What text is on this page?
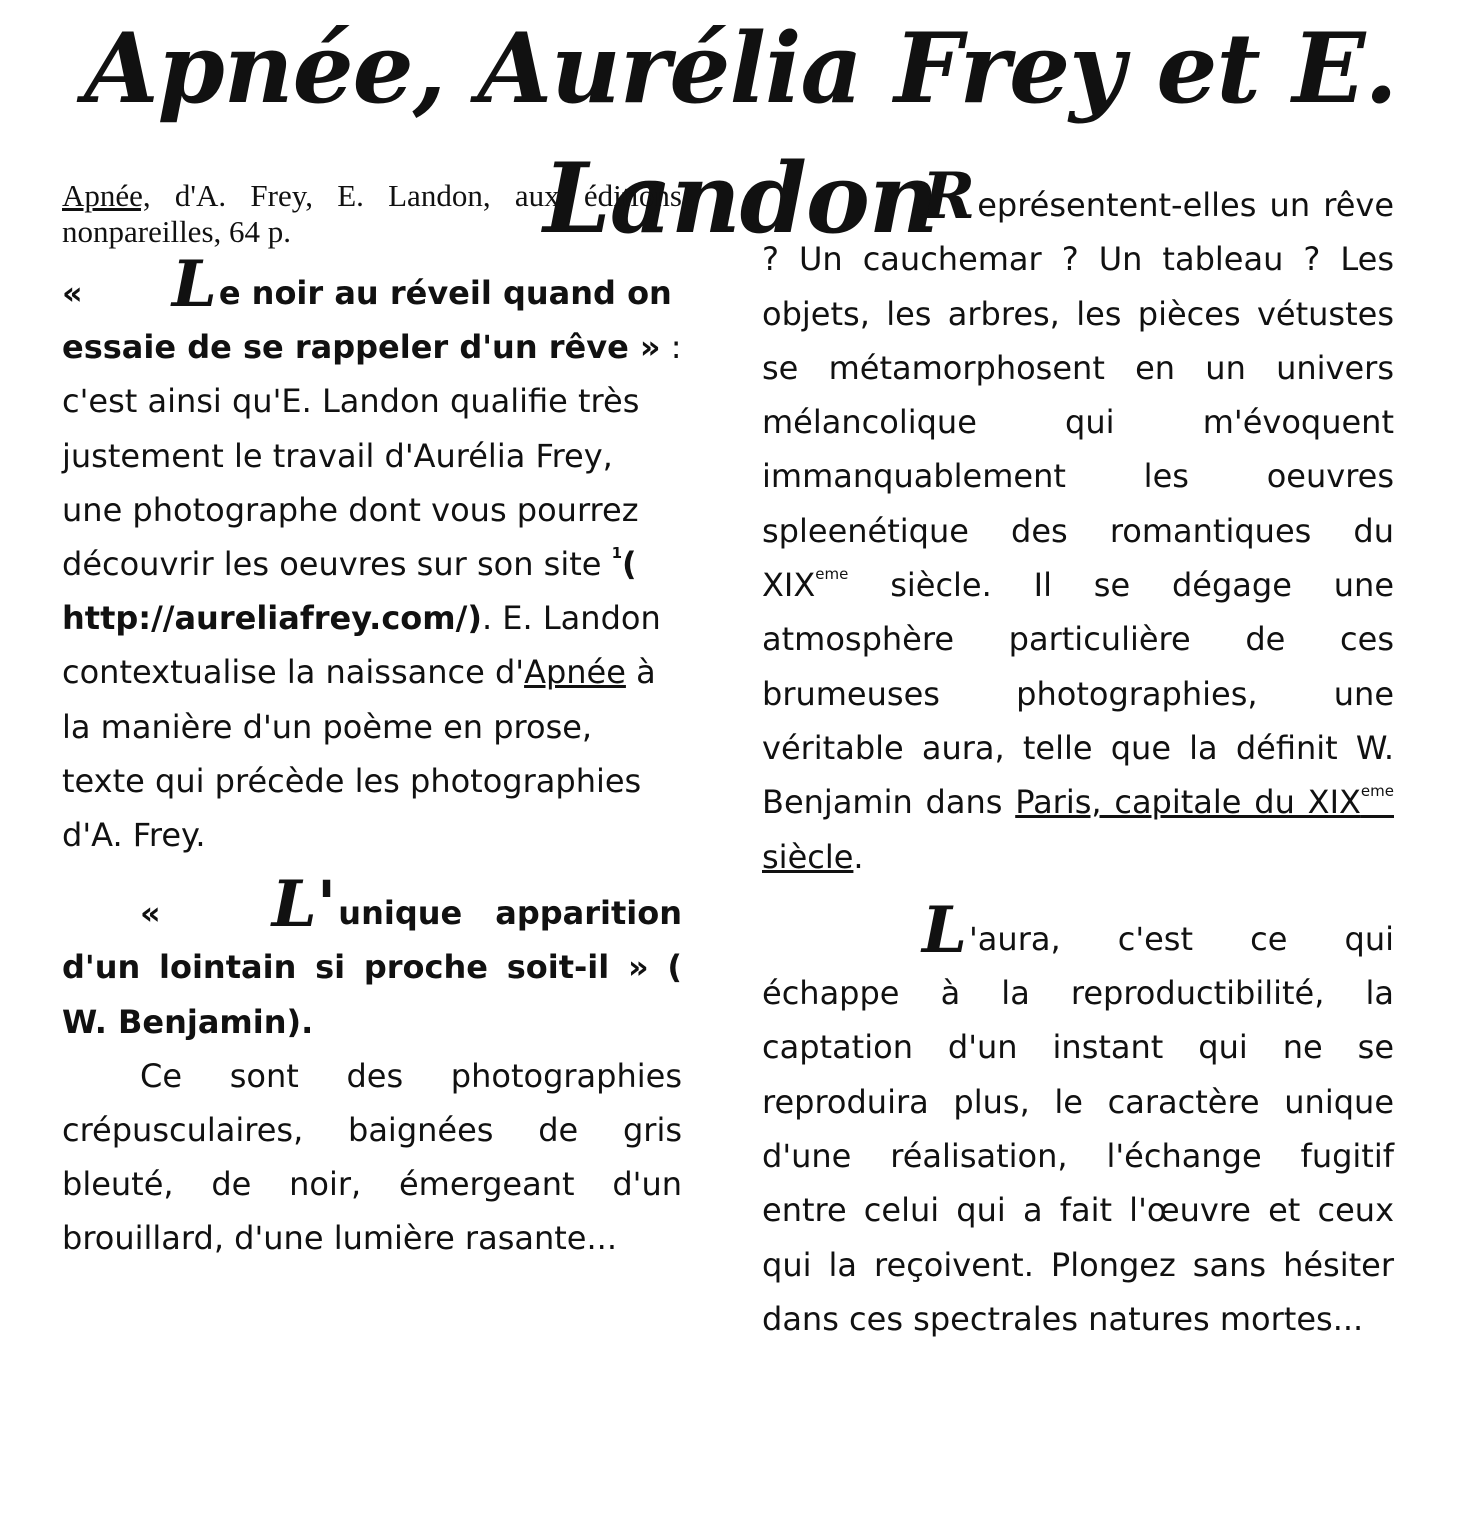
Apnée, Aurélia Frey et E. Landon

Apnée, d'A. Frey, E. Landon, aux éditions nonpareilles, 64 p.

« Le noir au réveil quand on essaie de se rappeler d'un rêve »

: c'est ainsi qu'E. Landon qualifie très justement le travail d'Aurélia Frey, une photographe dont vous pourrez découvrir les oeuvres sur son site $^1$( http://aureliafrey.com/). E. Landon contextualise la naissance d'Apnée à la manière d'un poème en prose, texte qui précède les photographies d'A. Frey.

« L'unique apparition d'un lointain si proche soit-il » ( W. Benjamin).

Ce sont des photographies crépusculaires, baignées de gris bleuté, de noir, émergeant d'un brouillard, d'une lumière rasante...

Représentent-elles un rêve ? Un cauchemar ? Un tableau ? Les objets, les arbres, les pièces vétustes se métamorphosent en un univers mélancolique qui m'évoquent immanquablement les oeuvres spleenétique des romantiques du XIXeme siècle. Il se dégage une atmosphère particulière de ces brumeuses photographies, une véritable aura, telle que la définit W. Benjamin dans Paris, capitale du XIXeme siècle.

L'aura, c'est ce qui échappe à la reproductibilité, la captation d'un instant qui ne se reproduira plus, le caractère unique d'une réalisation, l'échange fugitif entre celui qui a fait l'œuvre et ceux qui la reçoivent. Plongez sans hésiter dans ces spectrales natures mortes...
